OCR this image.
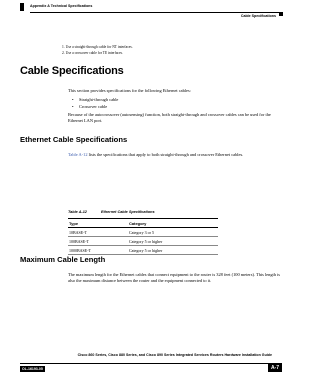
Appendix A Technical Specifications
Cable Specifications
1. Use a straight-through cable for NT interfaces.
2. Use a crossover cable for TE interfaces.
Cable Specifications
This section provides specifications for the following Ethernet cables:
• Straight-through cable
• Crossover cable
Because of the autocrossover (autosensing) function, both straight-through and crossover cables can be used for the Ethernet LAN port.
Ethernet Cable Specifications
Table A-12 lists the specifications that apply to both straight-through and crossover Ethernet cables.
Table A-12	Ethernet Cable Specifications
Type	Category
10BASE-T	Category 3 or 5
100BASE-T	Category 5 or higher
1000BASE-T	Category 5 or higher
Maximum Cable Length
The maximum length for the Ethernet cables that connect equipment to the router is 328 feet (100 meters). This length is also the maximum distance between the router and the equipment connected to it.
Cisco 860 Series, Cisco 880 Series, and Cisco 890 Series Integrated Services Routers Hardware Installation Guide
OL-16193-05	A-7
